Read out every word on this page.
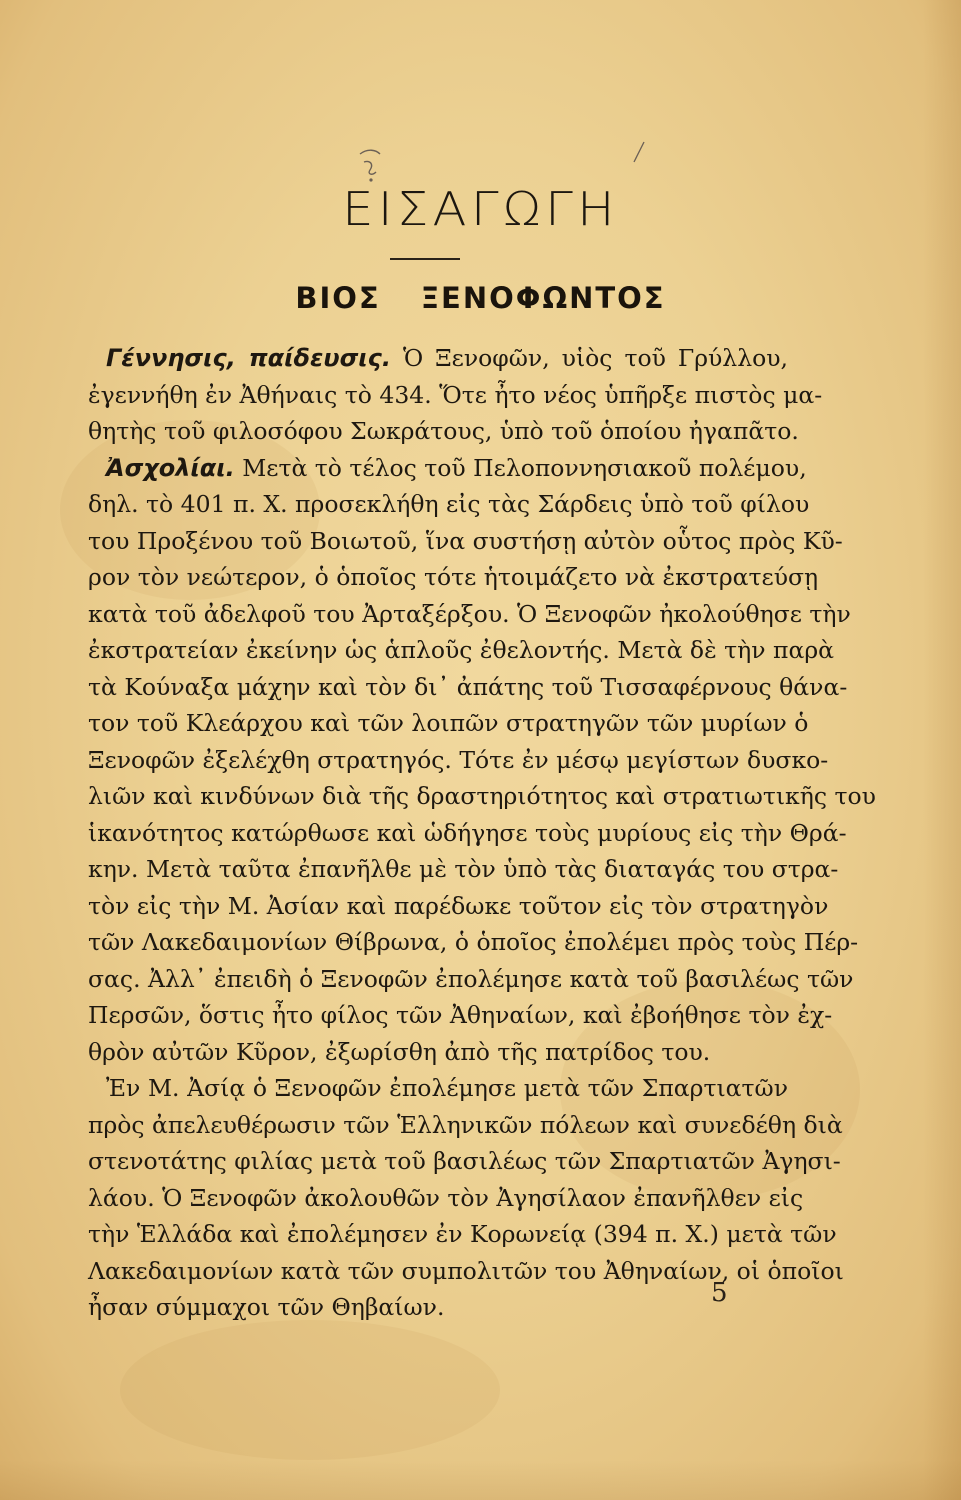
ΕΙΣΑΓΩΓΗ
ΒΙΟΣ ΞΕΝΟΦΩΝΤΟΣ
Γέννησις, παίδευσις. Ὁ Ξενοφῶν, υἱὸς τοῦ Γρύλλου,
ἐγεννήθη ἐν Ἀθήναις τὸ 434. Ὅτε ἦτο νέος ὑπῆρξε πιστὸς μα-
θητὴς τοῦ φιλοσόφου Σωκράτους, ὑπὸ τοῦ ὁποίου ἠγαπᾶτο.
Ἀσχολίαι. Μετὰ τὸ τέλος τοῦ Πελοποννησιακοῦ πολέμου,
δηλ. τὸ 401 π. Χ. προσεκλήθη εἰς τὰς Σάρδεις ὑπὸ τοῦ φίλου
του Προξένου τοῦ Βοιωτοῦ, ἵνα συστήσῃ αὐτὸν οὗτος πρὸς Κῦ-
ρον τὸν νεώτερον, ὁ ὁποῖος τότε ἡτοιμάζετο νὰ ἐκστρατεύσῃ
κατὰ τοῦ ἀδελφοῦ του Ἀρταξέρξου. Ὁ Ξενοφῶν ἠκολούθησε τὴν
ἐκστρατείαν ἐκείνην ὡς ἁπλοῦς ἐθελοντής. Μετὰ δὲ τὴν παρὰ
τὰ Κούναξα μάχην καὶ τὸν δι᾽ ἀπάτης τοῦ Τισσαφέρνους θάνα-
τον τοῦ Κλεάρχου καὶ τῶν λοιπῶν στρατηγῶν τῶν μυρίων ὁ
Ξενοφῶν ἐξελέχθη στρατηγός. Τότε ἐν μέσῳ μεγίστων δυσκο-
λιῶν καὶ κινδύνων διὰ τῆς δραστηριότητος καὶ στρατιωτικῆς του
ἱκανότητος κατώρθωσε καὶ ὡδήγησε τοὺς μυρίους εἰς τὴν Θρά-
κην. Μετὰ ταῦτα ἐπανῆλθε μὲ τὸν ὑπὸ τὰς διαταγάς του στρα-
τὸν εἰς τὴν Μ. Ἀσίαν καὶ παρέδωκε τοῦτον εἰς τὸν στρατηγὸν
τῶν Λακεδαιμονίων Θίβρωνα, ὁ ὁποῖος ἐπολέμει πρὸς τοὺς Πέρ-
σας. Ἀλλ᾽ ἐπειδὴ ὁ Ξενοφῶν ἐπολέμησε κατὰ τοῦ βασιλέως τῶν
Περσῶν, ὅστις ἦτο φίλος τῶν Ἀθηναίων, καὶ ἐβοήθησε τὸν ἐχ-
θρὸν αὐτῶν Κῦρον, ἐξωρίσθη ἀπὸ τῆς πατρίδος του.
Ἐν Μ. Ἀσίᾳ ὁ Ξενοφῶν ἐπολέμησε μετὰ τῶν Σπαρτιατῶν
πρὸς ἀπελευθέρωσιν τῶν Ἑλληνικῶν πόλεων καὶ συνεδέθη διὰ
στενοτάτης φιλίας μετὰ τοῦ βασιλέως τῶν Σπαρτιατῶν Ἀγησι-
λάου. Ὁ Ξενοφῶν ἀκολουθῶν τὸν Ἀγησίλαον ἐπανῆλθεν εἰς
τὴν Ἑλλάδα καὶ ἐπολέμησεν ἐν Κορωνείᾳ (394 π. Χ.) μετὰ τῶν
Λακεδαιμονίων κατὰ τῶν συμπολιτῶν του Ἀθηναίων, οἱ ὁποῖοι
ἦσαν σύμμαχοι τῶν Θηβαίων.	5
